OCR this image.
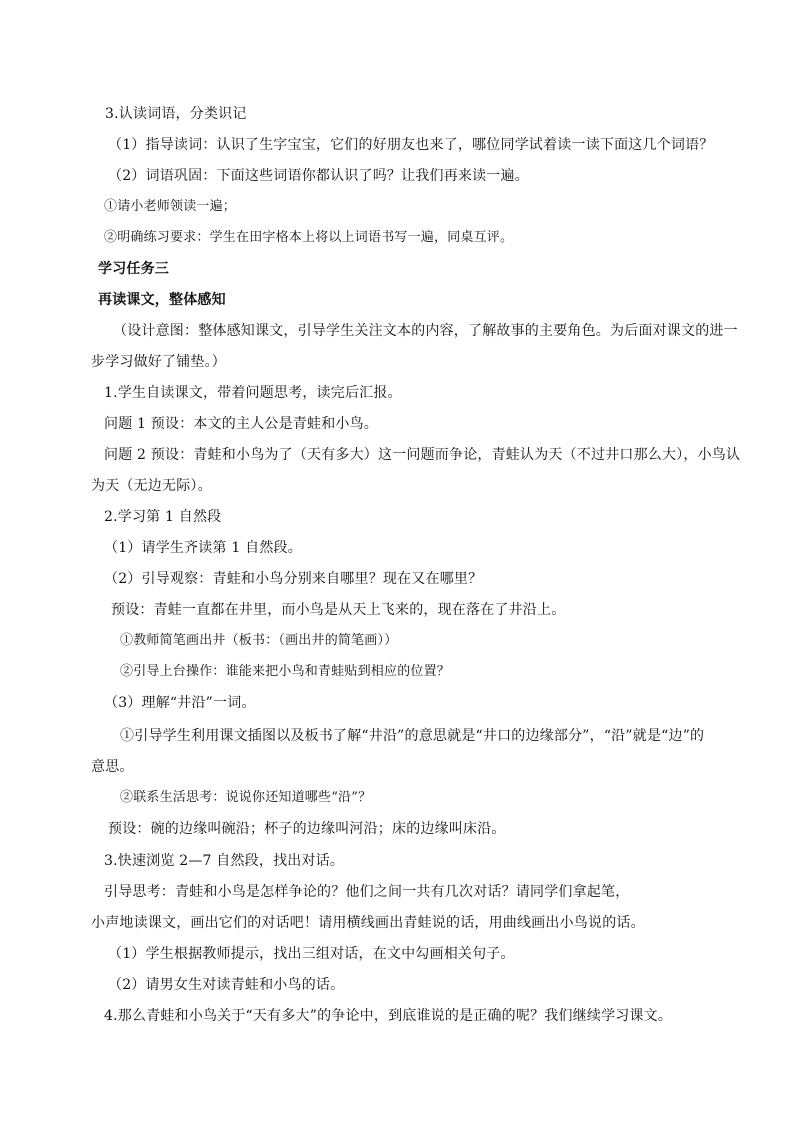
3.认读词语，分类识记
（1）指导读词：认识了生字宝宝，它们的好朋友也来了，哪位同学试着读一读下面这几个词语？
（2）词语巩固：下面这些词语你都认识了吗？让我们再来读一遍。
①请小老师领读一遍；
②明确练习要求：学生在田字格本上将以上词语书写一遍，同桌互评。
学习任务三
再读课文，整体感知
（设计意图：整体感知课文，引导学生关注文本的内容，了解故事的主要角色。为后面对课文的进一
步学习做好了铺垫。）
1.学生自读课文，带着问题思考，读完后汇报。
问题 1 预设：本文的主人公是青蛙和小鸟。
问题 2 预设：青蛙和小鸟为了（天有多大）这一问题而争论，青蛙认为天（不过井口那么大），小鸟认
为天（无边无际）。
2.学习第 1 自然段
（1）请学生齐读第 1 自然段。
（2）引导观察：青蛙和小鸟分别来自哪里？现在又在哪里？
预设：青蛙一直都在井里，而小鸟是从天上飞来的，现在落在了井沿上。
①教师简笔画出井（板书：（画出井的简笔画））
②引导上台操作：谁能来把小鸟和青蛙贴到相应的位置？
（3）理解“井沿”一词。
①引导学生利用课文插图以及板书了解“井沿”的意思就是“井口的边缘部分”，“沿”就是“边”的
意思。
②联系生活思考：说说你还知道哪些“沿”？
预设：碗的边缘叫碗沿；杯子的边缘叫河沿；床的边缘叫床沿。
3.快速浏览 2—7 自然段，找出对话。
引导思考：青蛙和小鸟是怎样争论的？他们之间一共有几次对话？请同学们拿起笔，
小声地读课文，画出它们的对话吧！请用横线画出青蛙说的话，用曲线画出小鸟说的话。
（1）学生根据教师提示，找出三组对话，在文中勾画相关句子。
（2）请男女生对读青蛙和小鸟的话。
4.那么青蛙和小鸟关于“天有多大”的争论中，到底谁说的是正确的呢？我们继续学习课文。
